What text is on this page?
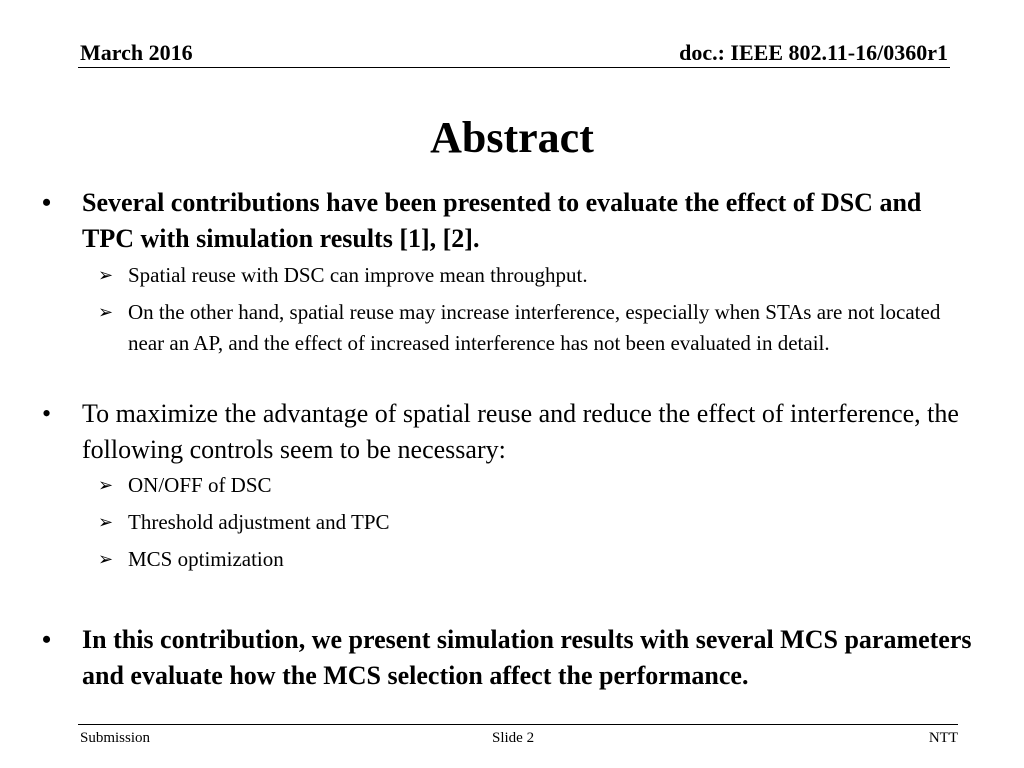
March 2016	doc.: IEEE 802.11-16/0360r1
Abstract
•	Several contributions have been presented to evaluate the effect of DSC and TPC with simulation results [1], [2].
➢ Spatial reuse with DSC can improve mean throughput.
➢ On the other hand, spatial reuse may increase interference, especially when STAs are not located near an AP, and the effect of increased interference has not been evaluated in detail.
•	To maximize the advantage of spatial reuse and reduce the effect of interference, the following controls seem to be necessary:
➢ ON/OFF of DSC
➢ Threshold adjustment and TPC
➢ MCS optimization
•	In this contribution, we present simulation results with several MCS parameters and evaluate how the MCS selection affect the performance.
Submission	Slide 2	NTT
